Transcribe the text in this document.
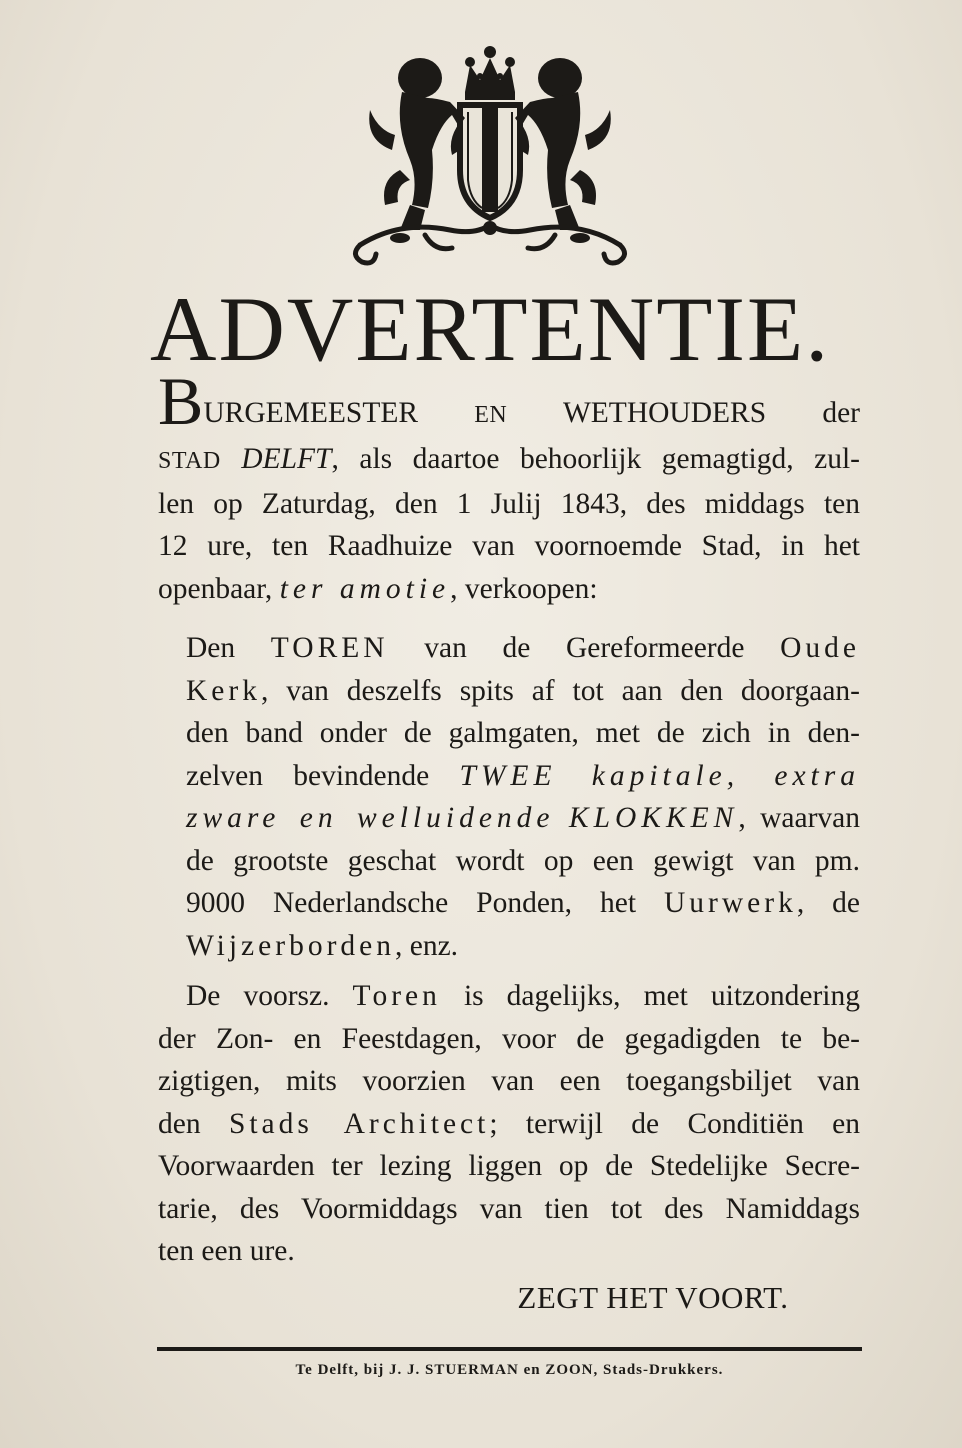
ADVERTENTIE.
BURGEMEESTER EN WETHOUDERS der
STAD DELFT, als daartoe behoorlijk gemagtigd, zul-
len op Zaturdag, den 1 Julij 1843, des middags ten
12 ure, ten Raadhuize van voornoemde Stad, in het
openbaar, ter amotie, verkoopen:
Den TOREN van de Gereformeerde Oude
Kerk, van deszelfs spits af tot aan den doorgaan-
den band onder de galmgaten, met de zich in den-
zelven bevindende TWEE kapitale, extra
zware en welluidende KLOKKEN, waarvan
de grootste geschat wordt op een gewigt van pm.
9000 Nederlandsche Ponden, het Uurwerk, de
Wijzerborden, enz.
De voorsz. Toren is dagelijks, met uitzondering
der Zon- en Feestdagen, voor de gegadigden te be-
zigtigen, mits voorzien van een toegangsbiljet van
den Stads Architect; terwijl de Conditiën en
Voorwaarden ter lezing liggen op de Stedelijke Secre-
tarie, des Voormiddags van tien tot des Namiddags
ten een ure.
ZEGT HET VOORT.
Te Delft, bij J. J. STUERMAN en ZOON, Stads-Drukkers.
